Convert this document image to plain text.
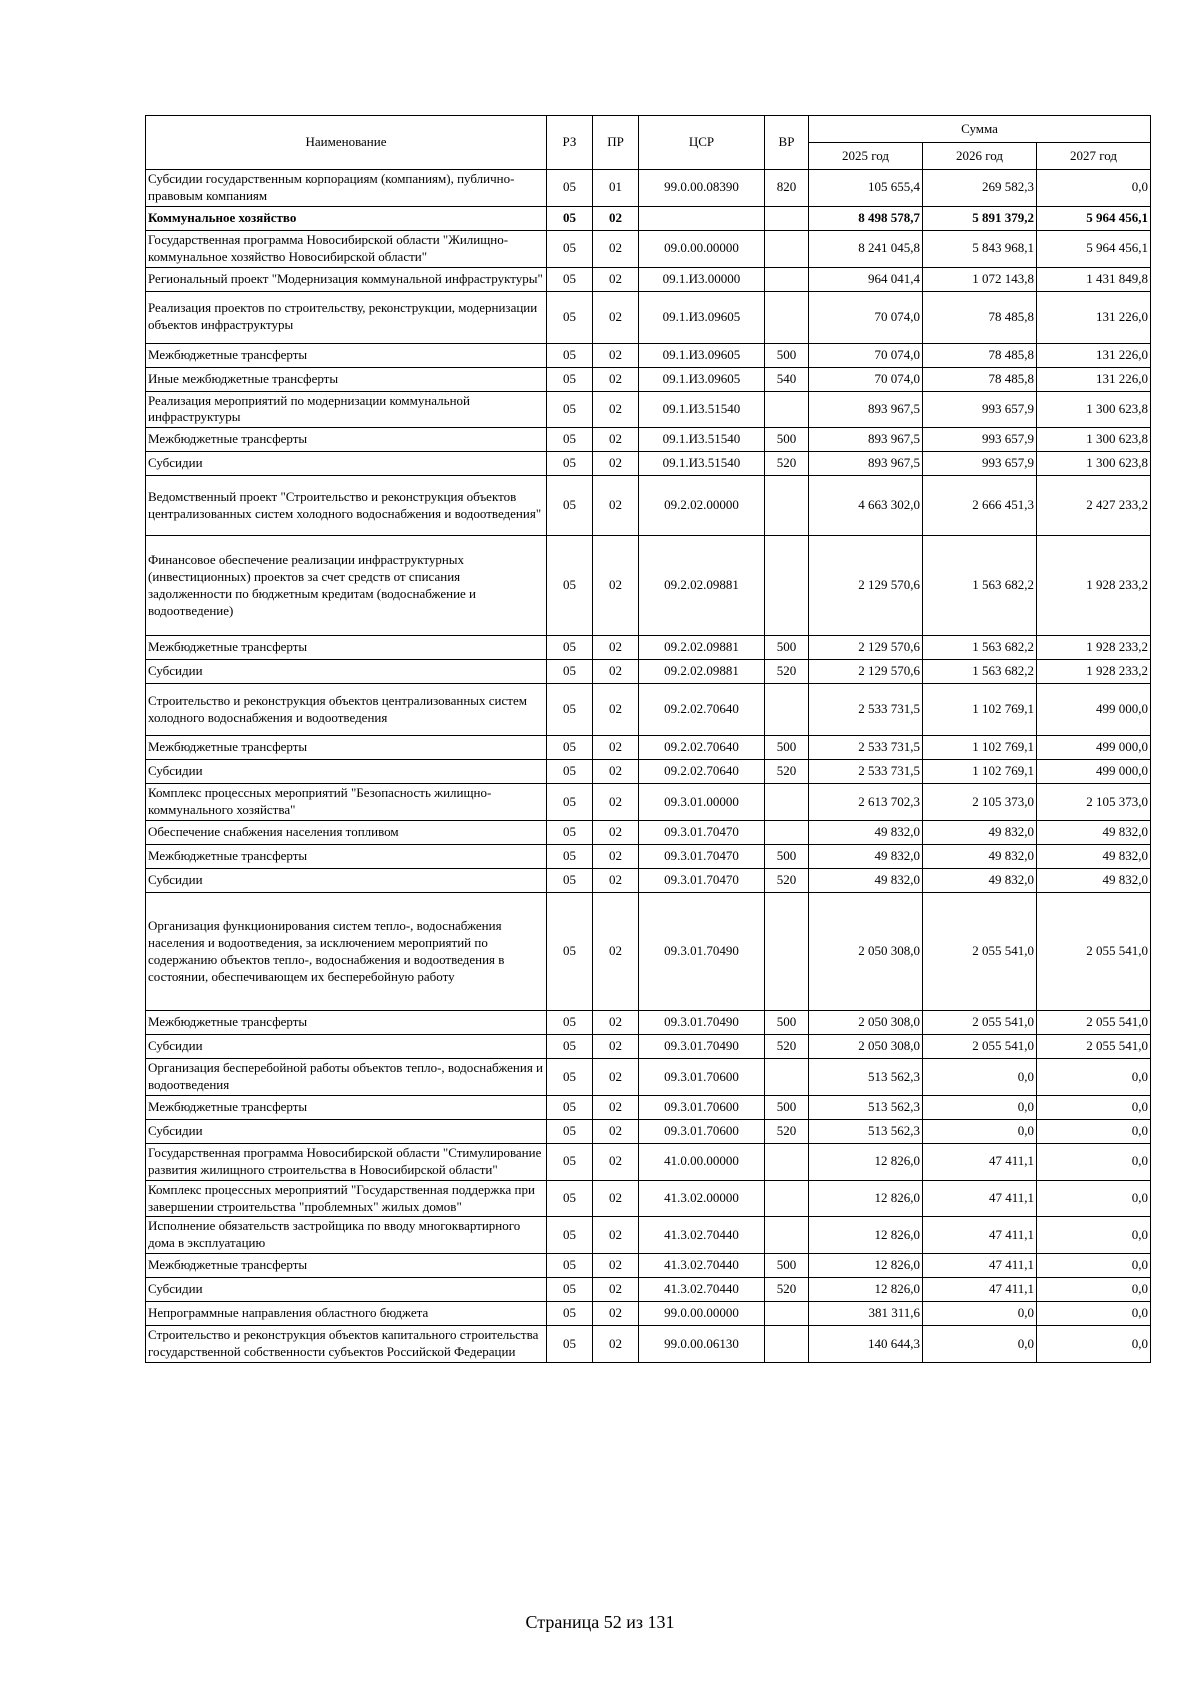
Наименование	РЗ	ПР	ЦСР	ВР	Сумма		
					2025 год	2026 год	2027 год
Субсидии государственным корпорациям (компаниям), публично-правовым компаниям	05	01	99.0.00.08390	820	105 655,4	269 582,3	0,0
Коммунальное хозяйство	05	02			8 498 578,7	5 891 379,2	5 964 456,1
Государственная программа Новосибирской области "Жилищно-коммунальное хозяйство Новосибирской области"	05	02	09.0.00.00000		8 241 045,8	5 843 968,1	5 964 456,1
Региональный проект "Модернизация коммунальной инфраструктуры"	05	02	09.1.И3.00000		964 041,4	1 072 143,8	1 431 849,8
Реализация проектов по строительству, реконструкции, модернизации объектов инфраструктуры	05	02	09.1.И3.09605		70 074,0	78 485,8	131 226,0
Межбюджетные трансферты	05	02	09.1.И3.09605	500	70 074,0	78 485,8	131 226,0
Иные межбюджетные трансферты	05	02	09.1.И3.09605	540	70 074,0	78 485,8	131 226,0
Реализация мероприятий по модернизации коммунальной инфраструктуры	05	02	09.1.И3.51540		893 967,5	993 657,9	1 300 623,8
Межбюджетные трансферты	05	02	09.1.И3.51540	500	893 967,5	993 657,9	1 300 623,8
Субсидии	05	02	09.1.И3.51540	520	893 967,5	993 657,9	1 300 623,8
Ведомственный проект "Строительство и реконструкция объектов централизованных систем холодного водоснабжения и водоотведения"	05	02	09.2.02.00000		4 663 302,0	2 666 451,3	2 427 233,2
Финансовое обеспечение реализации инфраструктурных (инвестиционных) проектов за счет средств от списания задолженности по бюджетным кредитам (водоснабжение и водоотведение)	05	02	09.2.02.09881		2 129 570,6	1 563 682,2	1 928 233,2
Межбюджетные трансферты	05	02	09.2.02.09881	500	2 129 570,6	1 563 682,2	1 928 233,2
Субсидии	05	02	09.2.02.09881	520	2 129 570,6	1 563 682,2	1 928 233,2
Строительство и реконструкция объектов централизованных систем холодного водоснабжения и водоотведения	05	02	09.2.02.70640		2 533 731,5	1 102 769,1	499 000,0
Межбюджетные трансферты	05	02	09.2.02.70640	500	2 533 731,5	1 102 769,1	499 000,0
Субсидии	05	02	09.2.02.70640	520	2 533 731,5	1 102 769,1	499 000,0
Комплекс процессных мероприятий "Безопасность жилищно-коммунального хозяйства"	05	02	09.3.01.00000		2 613 702,3	2 105 373,0	2 105 373,0
Обеспечение снабжения населения топливом	05	02	09.3.01.70470		49 832,0	49 832,0	49 832,0
Межбюджетные трансферты	05	02	09.3.01.70470	500	49 832,0	49 832,0	49 832,0
Субсидии	05	02	09.3.01.70470	520	49 832,0	49 832,0	49 832,0
Организация функционирования систем тепло-, водоснабжения населения и водоотведения, за исключением мероприятий по содержанию объектов тепло-, водоснабжения и водоотведения в состоянии, обеспечивающем их бесперебойную работу	05	02	09.3.01.70490		2 050 308,0	2 055 541,0	2 055 541,0
Межбюджетные трансферты	05	02	09.3.01.70490	500	2 050 308,0	2 055 541,0	2 055 541,0
Субсидии	05	02	09.3.01.70490	520	2 050 308,0	2 055 541,0	2 055 541,0
Организация бесперебойной работы объектов тепло-, водоснабжения и водоотведения	05	02	09.3.01.70600		513 562,3	0,0	0,0
Межбюджетные трансферты	05	02	09.3.01.70600	500	513 562,3	0,0	0,0
Субсидии	05	02	09.3.01.70600	520	513 562,3	0,0	0,0
Государственная программа Новосибирской области "Стимулирование развития жилищного строительства в Новосибирской области"	05	02	41.0.00.00000		12 826,0	47 411,1	0,0
Комплекс процессных мероприятий "Государственная поддержка при завершении строительства "проблемных" жилых домов"	05	02	41.3.02.00000		12 826,0	47 411,1	0,0
Исполнение обязательств застройщика по вводу многоквартирного дома в эксплуатацию	05	02	41.3.02.70440		12 826,0	47 411,1	0,0
Межбюджетные трансферты	05	02	41.3.02.70440	500	12 826,0	47 411,1	0,0
Субсидии	05	02	41.3.02.70440	520	12 826,0	47 411,1	0,0
Непрограммные направления областного бюджета	05	02	99.0.00.00000		381 311,6	0,0	0,0
Строительство и реконструкция объектов капитального строительства государственной собственности субъектов Российской Федерации	05	02	99.0.00.06130		140 644,3	0,0	0,0
Страница 52 из 131
